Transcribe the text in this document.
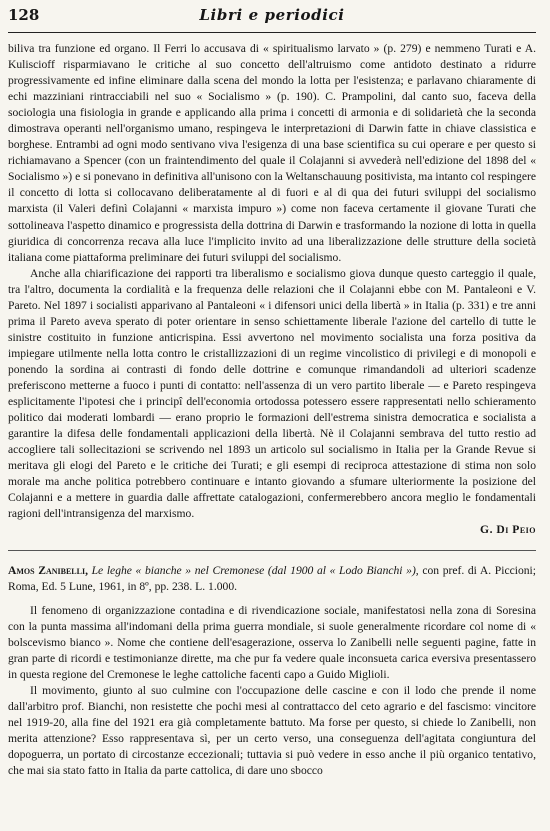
128	Libri e periodici

biliva tra funzione ed organo. Il Ferri lo accusava di « spiritualismo larvato » (p. 279) e nemmeno Turati e A. Kuliscioff risparmiavano le critiche al suo concetto dell'altruismo come antidoto destinato a ridurre progressivamente ed infine eliminare dalla scena del mondo la lotta per l'esistenza; e parlavano chiaramente di echi mazziniani rintracciabili nel suo « Socialismo » (p. 190). C. Prampolini, dal canto suo, faceva della sociologia una fisiologia in grande e applicando alla prima i concetti di armonia e di solidarietà che la seconda dimostrava operanti nell'organismo umano, respingeva le interpretazioni di Darwin fatte in chiave classistica e borghese. Entrambi ad ogni modo sentivano viva l'esigenza di una base scientifica su cui operare e per questo si richiamavano a Spencer (con un fraintendimento del quale il Colajanni si avvederà nell'edizione del 1898 del « Socialismo ») e si ponevano in definitiva all'unisono con la Weltanschauung positivista, ma intanto col respingere il concetto di lotta si collocavano deliberatamente al di fuori e al di qua dei futuri sviluppi del socialismo marxista (il Valeri definì Colajanni « marxista impuro ») come non faceva certamente il giovane Turati che sottolineava l'aspetto dinamico e progressista della dottrina di Darwin e trasformando la nozione di lotta in quella giuridica di concorrenza recava alla luce l'implicito invito ad una liberalizzazione delle strutture della società italiana come piattaforma preliminare dei futuri sviluppi del socialismo.

Anche alla chiarificazione dei rapporti tra liberalismo e socialismo giova dunque questo carteggio il quale, tra l'altro, documenta la cordialità e la frequenza delle relazioni che il Colajanni ebbe con M. Pantaleoni e V. Pareto. Nel 1897 i socialisti apparivano al Pantaleoni « i difensori unici della libertà » in Italia (p. 331) e tre anni prima il Pareto aveva sperato di poter orientare in senso schiettamente liberale l'azione del cartello di tutte le sinistre costituito in funzione anticrispina. Essi avvertono nel movimento socialista una forza positiva da impiegare utilmente nella lotta contro le cristallizzazioni di un regime vincolistico di privilegi e di monopoli e ponendo la sordina ai contrasti di fondo delle dottrine e comunque rimandandoli ad ulteriori scadenze preferiscono metterne a fuoco i punti di contatto: nell'assenza di un vero partito liberale — e Pareto respingeva esplicitamente l'ipotesi che i principî dell'economia ortodossa potessero essere rappresentati nello schieramento politico dai moderati lombardi — erano proprio le formazioni dell'estrema sinistra democratica e socialista a garantire la difesa delle fondamentali applicazioni della libertà. Nè il Colajanni sembrava del tutto restio ad accogliere tali sollecitazioni se scrivendo nel 1893 un articolo sul socialismo in Italia per la Grande Revue si meritava gli elogi del Pareto e le critiche dei Turati; e gli esempi di reciproca attestazione di stima non solo morale ma anche politica potrebbero continuare e intanto giovando a sfumare ulteriormente la posizione del Colajanni e a mettere in guardia dalle affrettate catalogazioni, confermerebbero ancora meglio le fondamentali ragioni dell'intransigenza del marxismo.

G. Di Peio
Amos Zanibelli, Le leghe « bianche » nel Cremonese (dal 1900 al « Lodo Bianchi »), con pref. di A. Piccioni; Roma, Ed. 5 Lune, 1961, in 8º, pp. 238. L. 1.000.

Il fenomeno di organizzazione contadina e di rivendicazione sociale, manifestatosi nella zona di Soresina con la punta massima all'indomani della prima guerra mondiale, si suole generalmente ricordare col nome di « bolscevismo bianco ». Nome che contiene dell'esagerazione, osserva lo Zanibelli nelle seguenti pagine, fatte in gran parte di ricordi e testimonianze dirette, ma che pur fa vedere quale inconsueta carica eversiva presentassero in questa regione del Cremonese le leghe cattoliche facenti capo a Guido Miglioli.

Il movimento, giunto al suo culmine con l'occupazione delle cascine e con il lodo che prende il nome dall'arbitro prof. Bianchi, non resistette che pochi mesi al contrattacco del ceto agrario e del fascismo: vincitore nel 1919-20, alla fine del 1921 era già completamente battuto. Ma forse per questo, si chiede lo Zanibelli, non merita attenzione? Esso rappresentava sì, per un certo verso, una conseguenza dell'agitata congiuntura del dopoguerra, un portato di circostanze eccezionali; tuttavia si può vedere in esso anche il più organico tentativo, che mai sia stato fatto in Italia da parte cattolica, di dare uno sbocco
